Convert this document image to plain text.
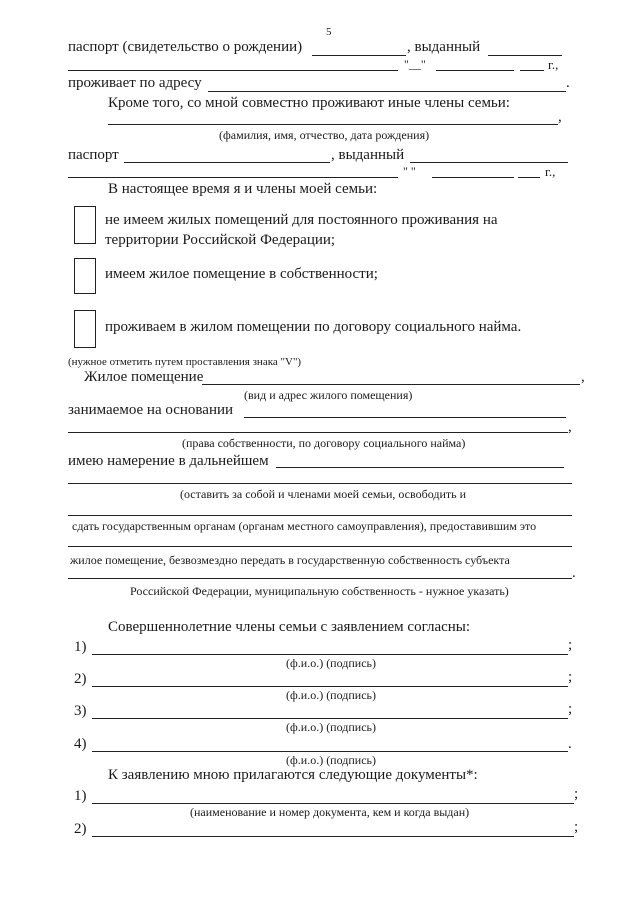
5
паспорт (свидетельство о рождении)	, выданный
"__"	г.,
проживает по адресу	.
Кроме того, со мной совместно проживают иные члены семьи:
,
(фамилия, имя, отчество, дата рождения)
паспорт	, выданный
" "	г.,
В настоящее время я и члены моей семьи:
не имеем жилых помещений для постоянного проживания на
территории Российской Федерации;
имеем жилое помещение в собственности;
проживаем в жилом помещении по договору социального найма.
(нужное отметить путем проставления знака "V")
Жилое помещение	,
(вид и адрес жилого помещения)
занимаемое на основании
,
(права собственности, по договору социального найма)
имею намерение в дальнейшем
(оставить за собой и членами моей семьи, освободить и
сдать государственным органам (органам местного самоуправления), предоставившим это
жилое помещение, безвозмездно передать в государственную собственность субъекта
.
Российской Федерации, муниципальную собственность - нужное указать)
Совершеннолетние члены семьи с заявлением согласны:
1)	;
(ф.и.о.) (подпись)
2)	;
(ф.и.о.) (подпись)
3)	;
(ф.и.о.) (подпись)
4)	.
(ф.и.о.) (подпись)
К заявлению мною прилагаются следующие документы*:
1)	;
(наименование и номер документа, кем и когда выдан)
2)	;
